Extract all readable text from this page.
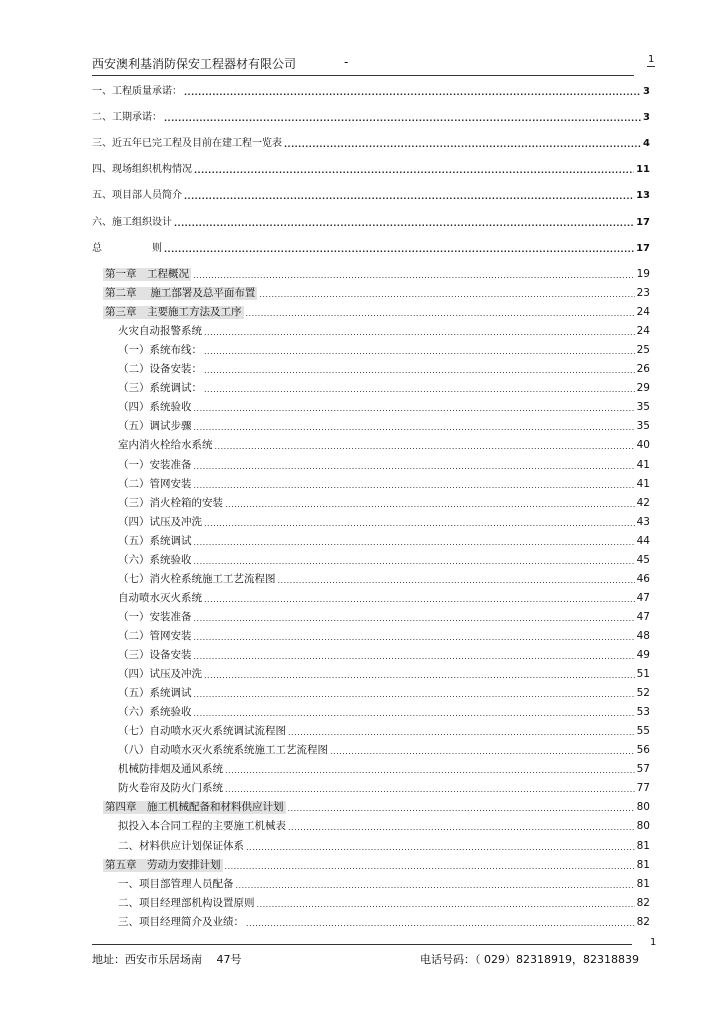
西安澳利基消防保安工程器材有限公司	-	1
一、工程质量承诺： .....	3
二、工期承诺： .....	3
三、近五年已完工程及目前在建工程一览表 .....	4
四、现场组织机构情况 .....	11
五、项目部人员简介 .....	13
六、施工组织设计 .....	17
总　　　　　则 .....	17
第一章　工程概况 .....	19
第二章　 施工部署及总平面布置 .....	23
第三章　主要施工方法及工序 .....	24
火灾自动报警系统 .....	24
（一）系统布线： .....	25
（二）设备安装： .....	26
（三）系统调试： .....	29
（四）系统验收 .....	35
（五）调试步骤 .....	35
室内消火栓给水系统 .....	40
（一）安装准备 .....	41
（二）管网安装 .....	41
（三）消火栓箱的安装 .....	42
（四）试压及冲洗 .....	43
（五）系统调试 .....	44
（六）系统验收 .....	45
（七）消火栓系统施工工艺流程图 .....	46
自动喷水灭火系统 .....	47
（一）安装准备 .....	47
（二）管网安装 .....	48
（三）设备安装 .....	49
（四）试压及冲洗 .....	51
（五）系统调试 .....	52
（六）系统验收 .....	53
（七）自动喷水灭火系统调试流程图 .....	55
（八）自动喷水灭火系统系统施工工艺流程图 .....	56
机械防排烟及通风系统 .....	57
防火卷帘及防火门系统 .....	77
第四章　施工机械配备和材料供应计划 .....	80
拟投入本合同工程的主要施工机械表 .....	80
二、材料供应计划保证体系 .....	81
第五章　劳动力安排计划 .....	81
一、项目部管理人员配备 .....	81
二、项目经理部机构设置原则 .....	82
三、项目经理简介及业绩： .....	82
1
地址：西安市乐居场南　 47号	电话号码：（ 029）82318919，82318839
